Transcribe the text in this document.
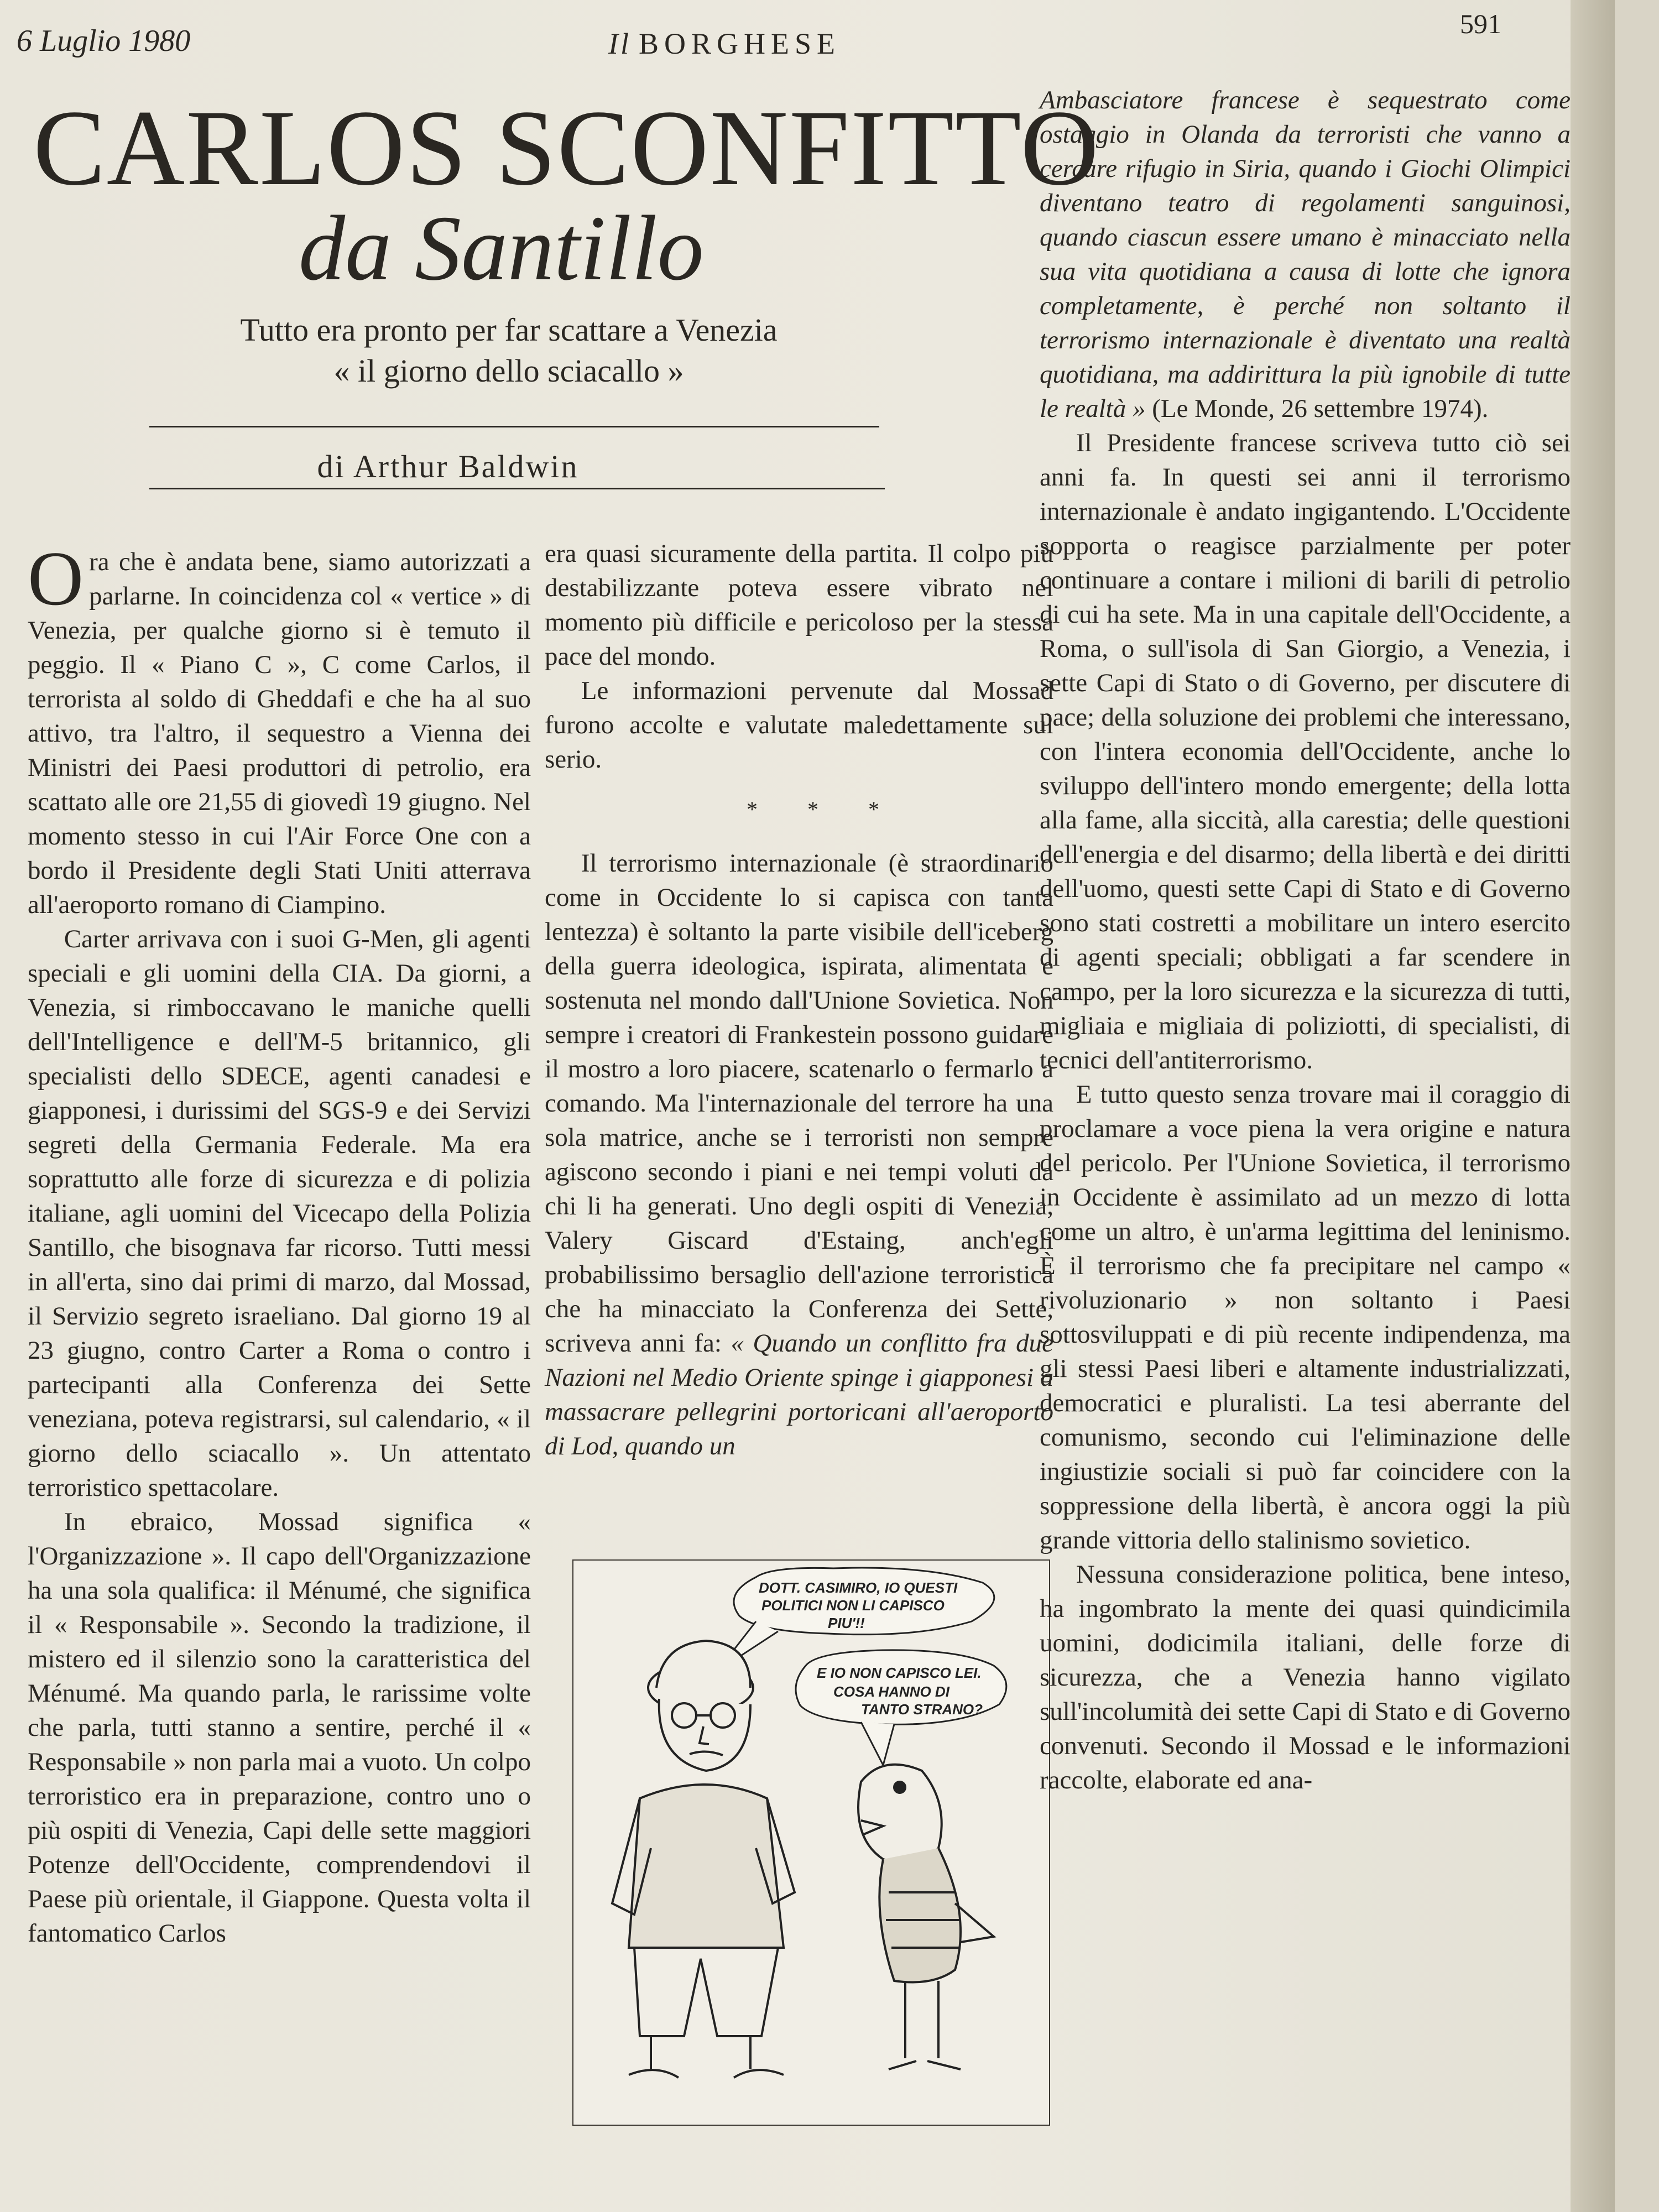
6 Luglio 1980	Il BORGHESE
591
CARLOS SCONFITTO
da Santillo
Tutto era pronto per far scattare a Venezia
« il giorno dello sciacallo »
di Arthur Baldwin

Ora che è andata bene, siamo autorizzati a parlarne. In coincidenza col « vertice » di Venezia, per qualche giorno si è temuto il peggio. Il « Piano C », C come Carlos, il terrorista al soldo di Gheddafi e che ha al suo attivo, tra l'altro, il sequestro a Vienna dei Ministri dei Paesi produttori di petrolio, era scattato alle ore 21,55 di giovedì 19 giugno. Nel momento stesso in cui l'Air Force One con a bordo il Presidente degli Stati Uniti atterrava all'aeroporto romano di Ciampino.

Carter arrivava con i suoi G-Men, gli agenti speciali e gli uomini della CIA. Da giorni, a Venezia, si rimboccavano le maniche quelli dell'Intelligence e dell'M-5 britannico, gli specialisti dello SDECE, agenti canadesi e giapponesi, i durissimi del SGS-9 e dei Servizi segreti della Germania Federale. Ma era soprattutto alle forze di sicurezza e di polizia italiane, agli uomini del Vicecapo della Polizia Santillo, che bisognava far ricorso. Tutti messi in all'erta, sino dai primi di marzo, dal Mossad, il Servizio segreto israeliano. Dal giorno 19 al 23 giugno, contro Carter a Roma o contro i partecipanti alla Conferenza dei Sette veneziana, poteva registrarsi, sul calendario, « il giorno dello sciacallo ». Un attentato terroristico spettacolare.

In ebraico, Mossad significa « l'Organizzazione ». Il capo dell'Organizzazione ha una sola qualifica: il Ménumé, che significa il « Responsabile ». Secondo la tradizione, il mistero ed il silenzio sono la caratteristica del Ménumé. Ma quando parla, le rarissime volte che parla, tutti stanno a sentire, perché il « Responsabile » non parla mai a vuoto. Un colpo terroristico era in preparazione, contro uno o più ospiti di Venezia, Capi delle sette maggiori Potenze dell'Occidente, comprendendovi il Paese più orientale, il Giappone. Questa volta il fantomatico Carlos

era quasi sicuramente della partita. Il colpo più destabilizzante poteva essere vibrato nel momento più difficile e pericoloso per la stessa pace del mondo.

Le informazioni pervenute dal Mossad furono accolte e valutate maledettamente sul serio.

* * *

Il terrorismo internazionale (è straordinario come in Occidente lo si capisca con tanta lentezza) è soltanto la parte visibile dell'iceberg della guerra ideologica, ispirata, alimentata e sostenuta nel mondo dall'Unione Sovietica. Non sempre i creatori di Frankestein possono guidare il mostro a loro piacere, scatenarlo o fermarlo a comando. Ma l'internazionale del terrore ha una sola matrice, anche se i terroristi non sempre agiscono secondo i piani e nei tempi voluti da chi li ha generati. Uno degli ospiti di Venezia, Valery Giscard d'Estaing, anch'egli probabilissimo bersaglio dell'azione terroristica che ha minacciato la Conferenza dei Sette, scriveva anni fa: « Quando un conflitto fra due Nazioni nel Medio Oriente spinge i giapponesi a massacrare pellegrini portoricani all'aeroporto di Lod, quando un

DOTT. CASIMIRO, IO QUESTI
POLITICI NON LI CAPISCO
PIU'!!
E IO NON CAPISCO LEI.
COSA HANNO DI
TANTO STRANO?

Ambasciatore francese è sequestrato come ostaggio in Olanda da terroristi che vanno a cercare rifugio in Siria, quando i Giochi Olimpici diventano teatro di regolamenti sanguinosi, quando ciascun essere umano è minacciato nella sua vita quotidiana a causa di lotte che ignora completamente, è perché non soltanto il terrorismo internazionale è diventato una realtà quotidiana, ma addirittura la più ignobile di tutte le realtà » (Le Monde, 26 settembre 1974).

Il Presidente francese scriveva tutto ciò sei anni fa. In questi sei anni il terrorismo internazionale è andato ingigantendo. L'Occidente sopporta o reagisce parzialmente per poter continuare a contare i milioni di barili di petrolio di cui ha sete. Ma in una capitale dell'Occidente, a Roma, o sull'isola di San Giorgio, a Venezia, i sette Capi di Stato o di Governo, per discutere di pace; della soluzione dei problemi che interessano, con l'intera economia dell'Occidente, anche lo sviluppo dell'intero mondo emergente; della lotta alla fame, alla siccità, alla carestia; delle questioni dell'energia e del disarmo; della libertà e dei diritti dell'uomo, questi sette Capi di Stato e di Governo sono stati costretti a mobilitare un intero esercito di agenti speciali; obbligati a far scendere in campo, per la loro sicurezza e la sicurezza di tutti, migliaia e migliaia di poliziotti, di specialisti, di tecnici dell'antiterrorismo.

E tutto questo senza trovare mai il coraggio di proclamare a voce piena la vera origine e natura del pericolo. Per l'Unione Sovietica, il terrorismo in Occidente è assimilato ad un mezzo di lotta come un altro, è un'arma legittima del leninismo. È il terrorismo che fa precipitare nel campo « rivoluzionario » non soltanto i Paesi sottosviluppati e di più recente indipendenza, ma gli stessi Paesi liberi e altamente industrializzati, democratici e pluralisti. La tesi aberrante del comunismo, secondo cui l'eliminazione delle ingiustizie sociali si può far coincidere con la soppressione della libertà, è ancora oggi la più grande vittoria dello stalinismo sovietico.

Nessuna considerazione politica, bene inteso, ha ingombrato la mente dei quasi quindicimila uomini, dodicimila italiani, delle forze di sicurezza, che a Venezia hanno vigilato sull'incolumità dei sette Capi di Stato e di Governo convenuti. Secondo il Mossad e le informazioni raccolte, elaborate ed ana-
